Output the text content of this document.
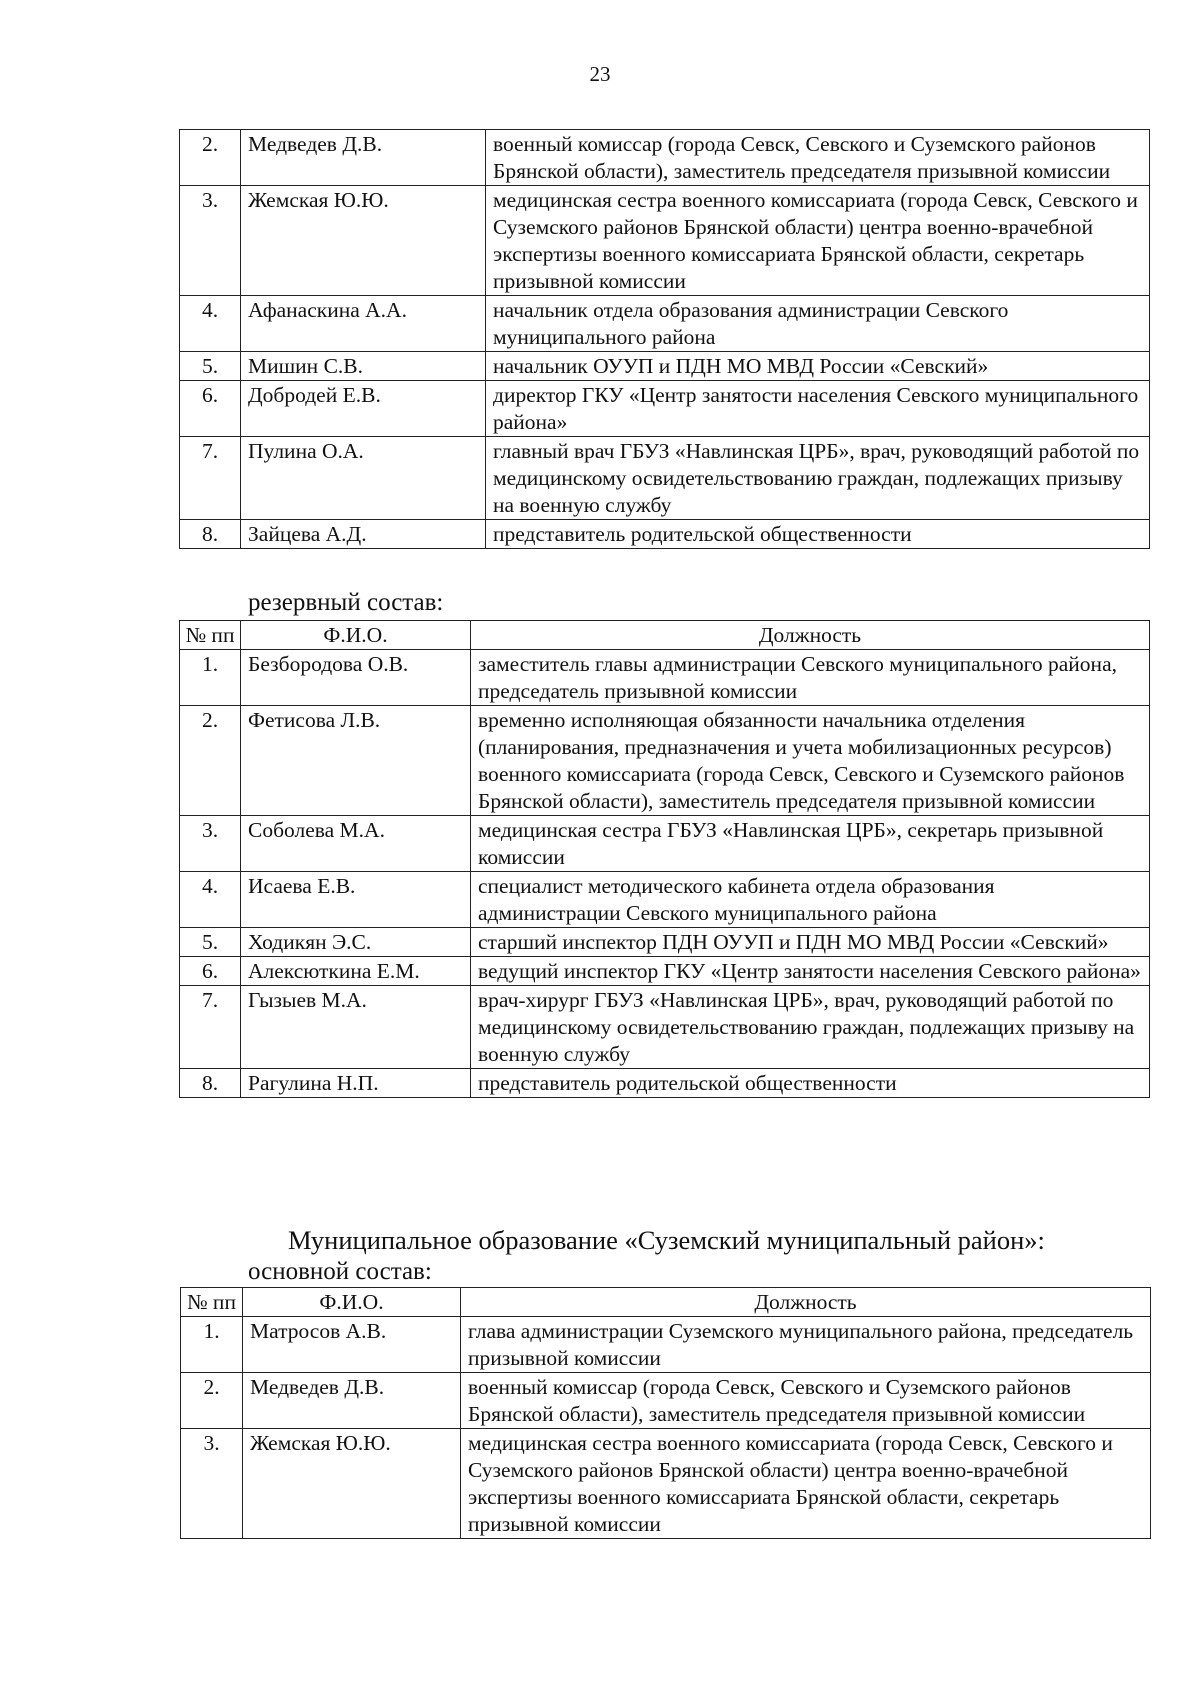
23
2.	Медведев Д.В.	военный комиссар (города Севск, Севского и Суземского районов Брянской области), заместитель председателя призывной комиссии
3.	Жемская Ю.Ю.	медицинская сестра военного комиссариата (города Севск, Севского и Суземского районов Брянской области) центра военно-врачебной экспертизы военного комиссариата Брянской области, секретарь призывной комиссии
4.	Афанаскина А.А.	начальник отдела образования администрации Севского муниципального района
5.	Мишин С.В.	начальник ОУУП и ПДН МО МВД России «Севский»
6.	Добродей Е.В.	директор ГКУ «Центр занятости населения Севского муниципального района»
7.	Пулина О.А.	главный врач ГБУЗ «Навлинская ЦРБ», врач, руководящий работой по медицинскому освидетельствованию граждан, подлежащих призыву на военную службу
8.	Зайцева А.Д.	представитель родительской общественности
резервный состав:
№ пп	Ф.И.О.	Должность
1.	Безбородова О.В.	заместитель главы администрации Севского муниципального района, председатель призывной комиссии
2.	Фетисова Л.В.	временно исполняющая обязанности начальника отделения (планирования, предназначения и учета мобилизационных ресурсов) военного комиссариата (города Севск, Севского и Суземского районов Брянской области), заместитель председателя призывной комиссии
3.	Соболева М.А.	медицинская сестра ГБУЗ «Навлинская ЦРБ», секретарь призывной комиссии
4.	Исаева Е.В.	специалист методического кабинета отдела образования администрации Севского муниципального района
5.	Ходикян Э.С.	старший инспектор ПДН ОУУП и ПДН МО МВД России «Севский»
6.	Алексюткина Е.М.	ведущий инспектор ГКУ «Центр занятости населения Севского района»
7.	Гызыев М.А.	врач-хирург ГБУЗ «Навлинская ЦРБ», врач, руководящий работой по медицинскому освидетельствованию граждан, подлежащих призыву на военную службу
8.	Рагулина Н.П.	представитель родительской общественности
Муниципальное образование «Суземский муниципальный район»:
основной состав:
№ пп	Ф.И.О.	Должность
1.	Матросов А.В.	глава администрации Суземского муниципального района, председатель призывной комиссии
2.	Медведев Д.В.	военный комиссар (города Севск, Севского и Суземского районов Брянской области), заместитель председателя призывной комиссии
3.	Жемская Ю.Ю.	медицинская сестра военного комиссариата (города Севск, Севского и Суземского районов Брянской области) центра военно-врачебной экспертизы военного комиссариата Брянской области, секретарь призывной комиссии
